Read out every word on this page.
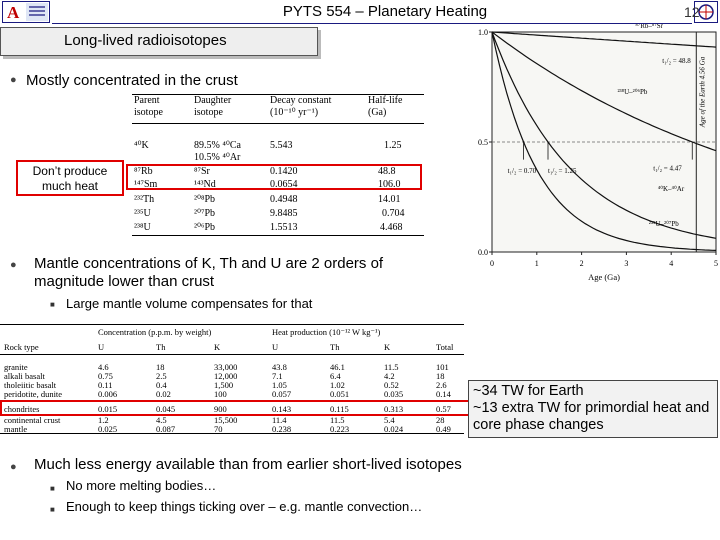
A	PYTS 554 – Planetary Heating	12
Long-lived radioisotopes
● Mostly concentrated in the crust
Parent	Daughter	Decay constant	Half-life
isotope	isotope	(10⁻¹⁰ yr⁻¹)	(Ga)
⁴⁰K	89.5% ⁴⁰Ca	5.543	1.25
10.5% ⁴⁰Ar
⁸⁷Rb	⁸⁷Sr	0.1420	48.8
¹⁴⁷Sm	¹⁴³Nd	0.0654	106.0
²³²Th	²⁰⁸Pb	0.4948	14.01
²³⁵U	²⁰⁷Pb	9.8485	0.704
²³⁸U	²⁰⁶Pb	1.5513	4.468
Don’t produce much heat
0	1	2	3	4	5
0.0
0.5
1.0
Age of the Earth 4.56 Ga
⁸⁷Rb–⁸⁷Sr
²³⁸U–²⁰⁶Pb
⁴⁰K–⁴⁰Ar
²³⁵U–²⁰⁷Pb
t₁/₂ = 48.8
t₁/₂ = 4.47
t₁/₂ = 0.70 t₁/₂ = 1.25
Age (Ga)
● Mantle concentrations of K, Th and U are 2 orders of magnitude lower than crust
■ Large mantle volume compensates for that
Concentration (p.p.m. by weight)	Heat production (10⁻¹² W kg⁻¹)
Rock type	U	Th	K	U	Th	K	Total
granite	4.6	18	33,000	43.8	46.1	11.5	101
alkali basalt	0.75	2.5	12,000	7.1	6.4	4.2	18
tholeiitic basalt	0.11	0.4	1,500	1.05	1.02	0.52	2.6
peridotite, dunite	0.006	0.02	100	0.057	0.051	0.035	0.14
chondrites	0.015	0.045	900	0.143	0.115	0.313	0.57
continental crust	1.2	4.5	15,500	11.4	11.5	5.4	28
mantle	0.025	0.087	70	0.238	0.223	0.024	0.49
~34 TW for Earth
~13 extra TW for primordial heat and core phase changes
● Much less energy available than from earlier short-lived isotopes
■ No more melting bodies…
■ Enough to keep things ticking over – e.g. mantle convection…
